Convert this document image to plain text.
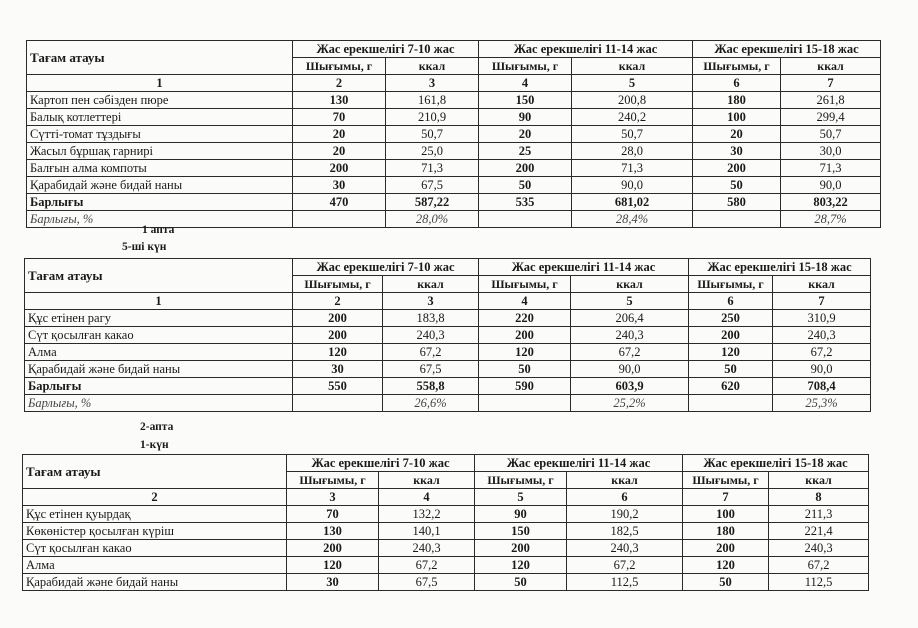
Тағам атауы	Жас ерекшелігі 7-10 жас		Жас ерекшелігі 11-14 жас		Жас ерекшелігі 15-18 жас	
	Шығымы, г	ккал	Шығымы, г	ккал	Шығымы, г	ккал
1	2	3	4	5	6	7
Картоп пен сәбізден пюре	130	161,8	150	200,8	180	261,8
Балық котлеттері	70	210,9	90	240,2	100	299,4
Сүтті-томат тұздығы	20	50,7	20	50,7	20	50,7
Жасыл бұршақ гарнирі	20	25,0	25	28,0	30	30,0
Балғын алма компоты	200	71,3	200	71,3	200	71,3
Қарабидай және бидай наны	30	67,5	50	90,0	50	90,0
Барлығы	470	587,22	535	681,02	580	803,22
Барлығы, %		28,0%		28,4%		28,7%
1 апта
5-ші күн
Тағам атауы	Жас ерекшелігі 7-10 жас		Жас ерекшелігі 11-14 жас		Жас ерекшелігі 15-18 жас	
	Шығымы, г	ккал	Шығымы, г	ккал	Шығымы, г	ккал
1	2	3	4	5	6	7
Құс етінен рагу	200	183,8	220	206,4	250	310,9
Сүт қосылған какао	200	240,3	200	240,3	200	240,3
Алма	120	67,2	120	67,2	120	67,2
Қарабидай және бидай наны	30	67,5	50	90,0	50	90,0
Барлығы	550	558,8	590	603,9	620	708,4
Барлығы, %		26,6%		25,2%		25,3%
2-апта
1-күн
Тағам атауы	Жас ерекшелігі 7-10 жас		Жас ерекшелігі 11-14 жас		Жас ерекшелігі 15-18 жас	
	Шығымы, г	ккал	Шығымы, г	ккал	Шығымы, г	ккал
2	3	4	5	6	7	8
Құс етінен қуырдақ	70	132,2	90	190,2	100	211,3
Көкөністер қосылған күріш	130	140,1	150	182,5	180	221,4
Сүт қосылған какао	200	240,3	200	240,3	200	240,3
Алма	120	67,2	120	67,2	120	67,2
Қарабидай және бидай наны	30	67,5	50	112,5	50	112,5
